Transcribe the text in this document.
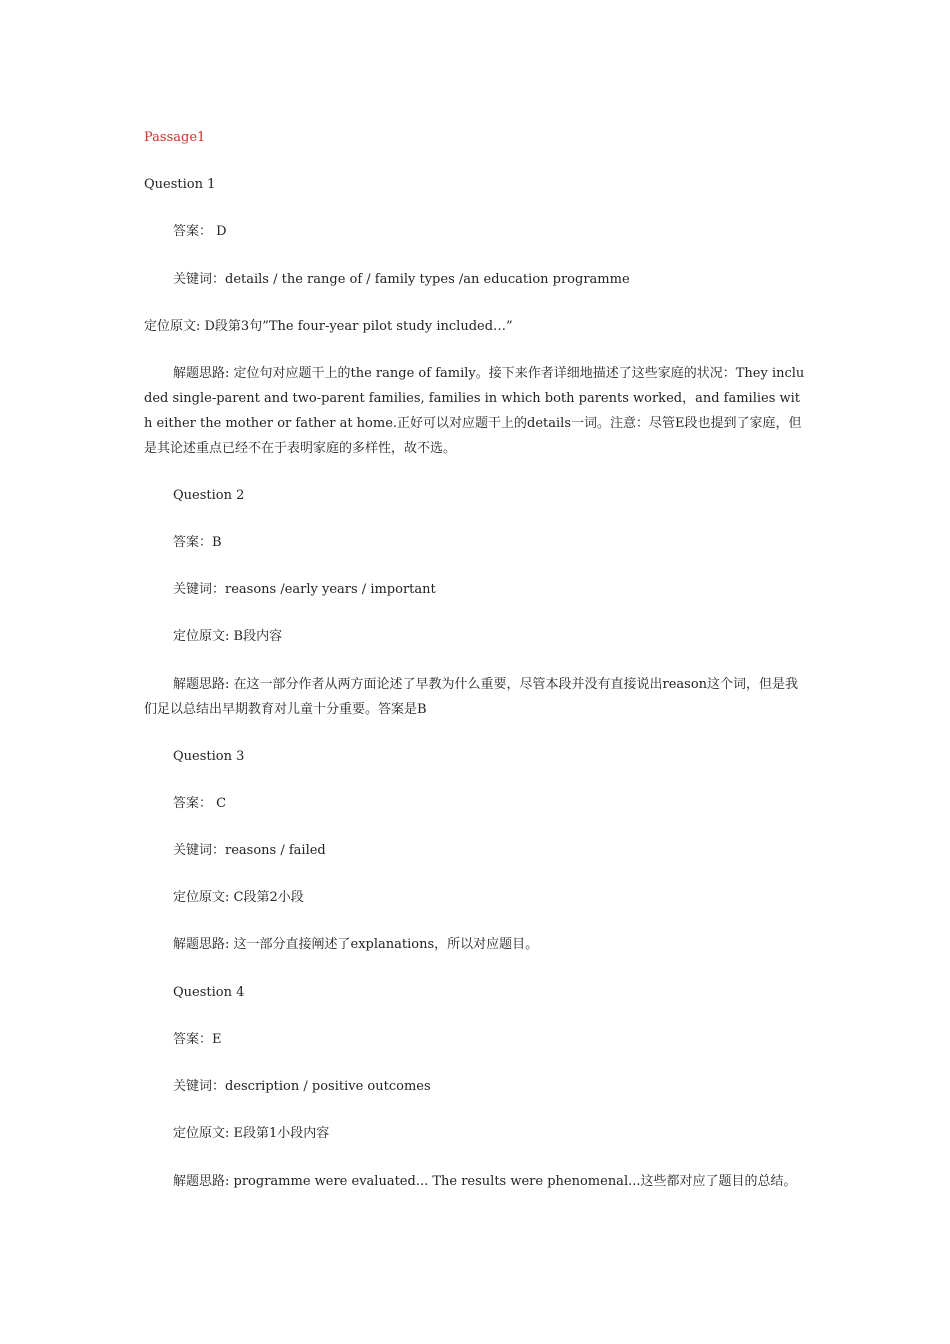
Passage1
Question 1
答案： D
关键词：details / the range of / family types /an education programme
定位原文: D段第3句”The four-year pilot study included…”
解题思路: 定位句对应题干上的the range of family。接下来作者详细地描述了这些家庭的状况：They included single-parent and two-parent families, families in which both parents worked，and families with either the mother or father at home.正好可以对应题干上的details一词。注意：尽管E段也提到了家庭，但是其论述重点已经不在于表明家庭的多样性，故不选。
Question 2
答案：B
关键词：reasons /early years / important
定位原文: B段内容
解题思路: 在这一部分作者从两方面论述了早教为什么重要，尽管本段并没有直接说出reason这个词，但是我们足以总结出早期教育对儿童十分重要。答案是B
Question 3
答案： C
关键词：reasons / failed
定位原文: C段第2小段
解题思路: 这一部分直接阐述了explanations，所以对应题目。
Question 4
答案：E
关键词：description / positive outcomes
定位原文: E段第1小段内容
解题思路: programme were evaluated... The results were phenomenal...这些都对应了题目的总结。
